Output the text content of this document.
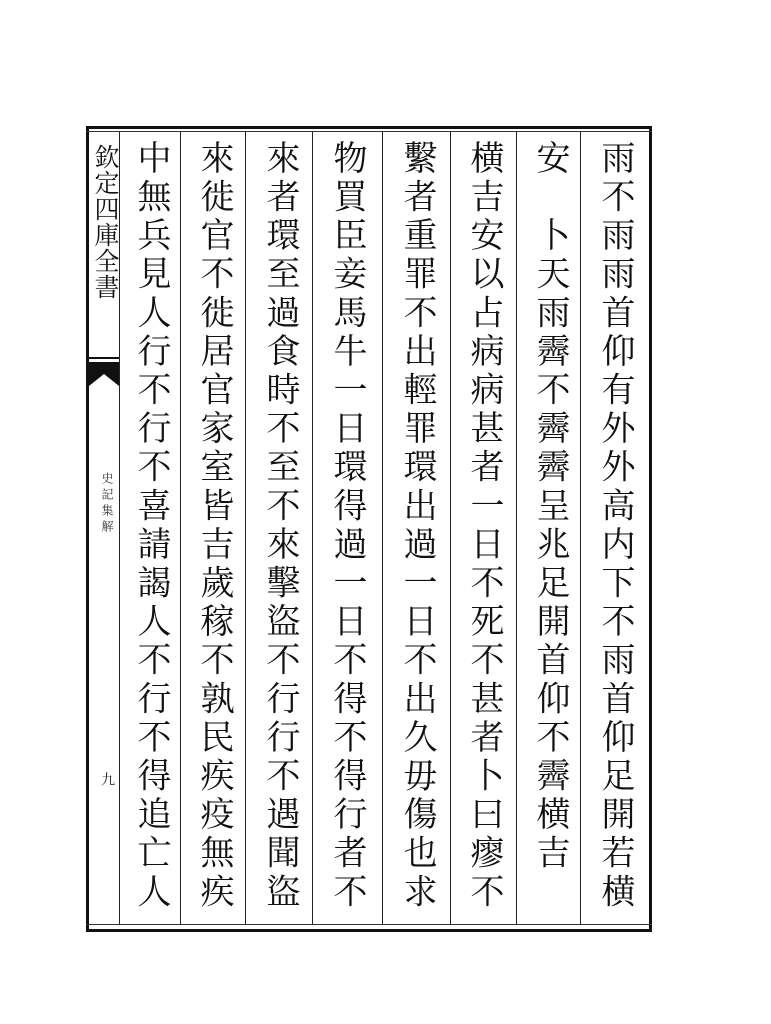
欽定四庫全書
史記集解
九
雨不雨雨首仰有外外高内下不雨首仰足開若横
安　卜天雨霽不霽霽呈兆足開首仰不霽横吉　
横吉安以占病病甚者一日不死不甚者卜曰瘳不
繫者重罪不出輕罪環出過一日不出久毋傷也求
物買臣妾馬牛一日環得過一日不得不得行者不
來者環至過食時不至不來擊盜不行行不遇聞盜
來徙官不徙居官家室皆吉歲稼不孰民疾疫無疾
中無兵見人行不行不喜請謁人不行不得追亡人
